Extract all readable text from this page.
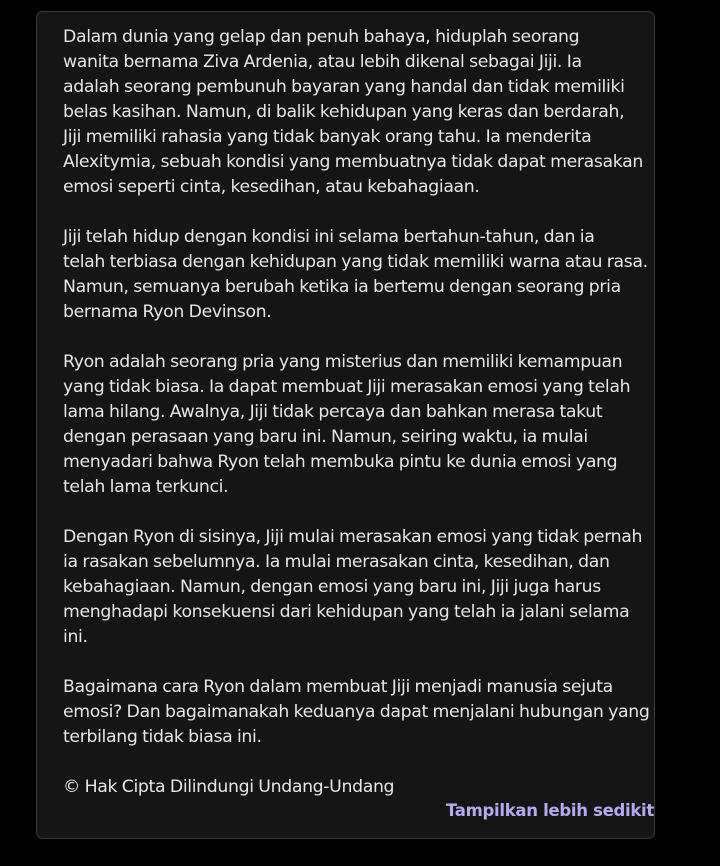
Dalam dunia yang gelap dan penuh bahaya, hiduplah seorang
wanita bernama Ziva Ardenia, atau lebih dikenal sebagai Jiji. Ia
adalah seorang pembunuh bayaran yang handal dan tidak memiliki
belas kasihan. Namun, di balik kehidupan yang keras dan berdarah,
Jiji memiliki rahasia yang tidak banyak orang tahu. Ia menderita
Alexitymia, sebuah kondisi yang membuatnya tidak dapat merasakan
emosi seperti cinta, kesedihan, atau kebahagiaan.

Jiji telah hidup dengan kondisi ini selama bertahun-tahun, dan ia
telah terbiasa dengan kehidupan yang tidak memiliki warna atau rasa.
Namun, semuanya berubah ketika ia bertemu dengan seorang pria
bernama Ryon Devinson.

Ryon adalah seorang pria yang misterius dan memiliki kemampuan
yang tidak biasa. Ia dapat membuat Jiji merasakan emosi yang telah
lama hilang. Awalnya, Jiji tidak percaya dan bahkan merasa takut
dengan perasaan yang baru ini. Namun, seiring waktu, ia mulai
menyadari bahwa Ryon telah membuka pintu ke dunia emosi yang
telah lama terkunci.

Dengan Ryon di sisinya, Jiji mulai merasakan emosi yang tidak pernah
ia rasakan sebelumnya. Ia mulai merasakan cinta, kesedihan, dan
kebahagiaan. Namun, dengan emosi yang baru ini, Jiji juga harus
menghadapi konsekuensi dari kehidupan yang telah ia jalani selama
ini.

Bagaimana cara Ryon dalam membuat Jiji menjadi manusia sejuta
emosi? Dan bagaimanakah keduanya dapat menjalani hubungan yang
terbilang tidak biasa ini.

© Hak Cipta Dilindungi Undang-Undang

Tampilkan lebih sedikit
